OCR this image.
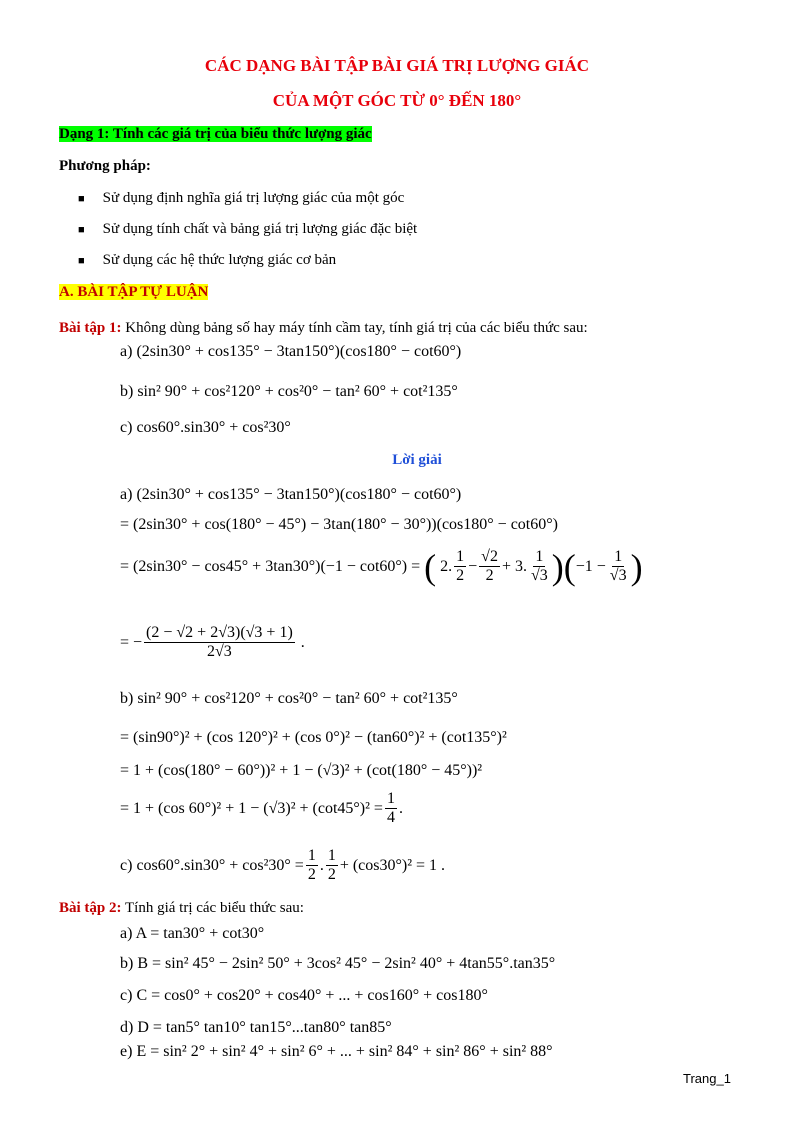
CÁC DẠNG BÀI TẬP BÀI GIÁ TRỊ LƯỢNG GIÁC
CỦA MỘT GÓC TỪ 0° ĐẾN 180°
Dạng 1: Tính các giá trị của biểu thức lượng giác
Phương pháp:
■ Sử dụng định nghĩa giá trị lượng giác của một góc
■ Sử dụng tính chất và bảng giá trị lượng giác đặc biệt
■ Sử dụng các hệ thức lượng giác cơ bản
A. BÀI TẬP TỰ LUẬN
Bài tập 1: Không dùng bảng số hay máy tính cầm tay, tính giá trị của các biểu thức sau:
a) (2sin30° + cos135° − 3tan150°)(cos180° − cot60°)
b) sin² 90° + cos²120° + cos²0° − tan² 60° + cot²135°
c) cos60°.sin30° + cos²30°
Lời giải
a) (2sin30° + cos135° − 3tan150°)(cos180° − cot60°)
= (2sin30° + cos(180° − 45°) − 3tan(180° − 30°))(cos180° − cot60°)
= (2sin30° − cos45° + 3tan30°)(−1 − cot60°) = ( 2.
1
2
− $\frac{√2}{2} + 3$.
1
√3 )( $-1 - \frac{1}{√3}$ )
= − $\frac{(2 - √2 + 2√3)(√3 + 1)}{2√3}$ .
b) sin² 90° + cos²120° + cos²0° − tan² 60° + cot²135°
= (sin90°)² + (cos 120°)² + (cos 0°)² − (tan60°)² + (cot135°)²
= 1 + (cos(180° − 60°))² + 1 − (√3)² + (cot(180° − 45°))²
= 1 + (cos $60^\circ)^2 + 1 - (√3)^2 + (\cot 45^\circ)^2 = \frac{1}{4}$ .
c)
$\cos 60^\circ.\sin 30^\circ + \cos^230^\circ = \frac{1}{2}$ .
1
2
+ (cos30°)² = 1 .
Bài tập 2: Tính giá trị các biểu thức sau:
a) A = tan30° + cot30°
b) B = sin² 45° − 2sin² 50° + 3cos² 45° − 2sin² 40° + 4tan55°.tan35°
c) C = cos0° + cos20° + cos40° + ... + cos160° + cos180°
d) D = tan5° tan10° tan15°...tan80° tan85°
e) E = sin² 2° + sin² 4° + sin² 6° + ... + sin² 84° + sin² 86° + sin² 88°
Trang_1
